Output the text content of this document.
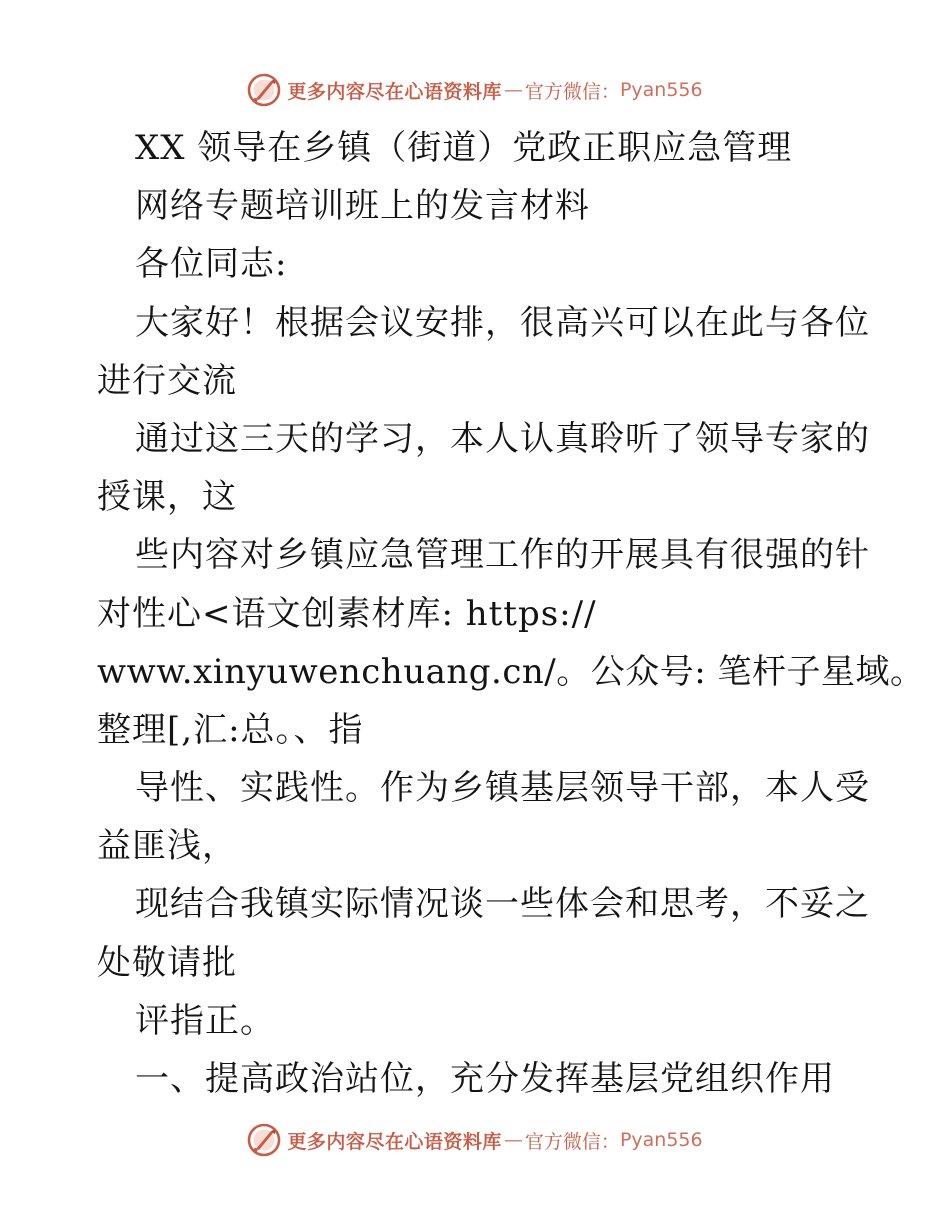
更多内容尽在心语资料库 — 官方微信： Pyan556

XX 领导在乡镇（街道）党政正职应急管理

网络专题培训班上的发言材料

各位同志:

大家好！根据会议安排，很高兴可以在此与各位

进行交流

通过这三天的学习，本人认真聆听了领导专家的

授课，这

些内容对乡镇应急管理工作的开展具有很强的针

对性心<语文创素材库: https://

www.xinyuwenchuang.cn/。公众号: 笔杆子星域。

整理[,汇:总。、指

导性、实践性。作为乡镇基层领导干部，本人受

益匪浅，

现结合我镇实际情况谈一些体会和思考，不妥之

处敬请批

评指正。

一、提高政治站位，充分发挥基层党组织作用

更多内容尽在心语资料库 — 官方微信： Pyan556
